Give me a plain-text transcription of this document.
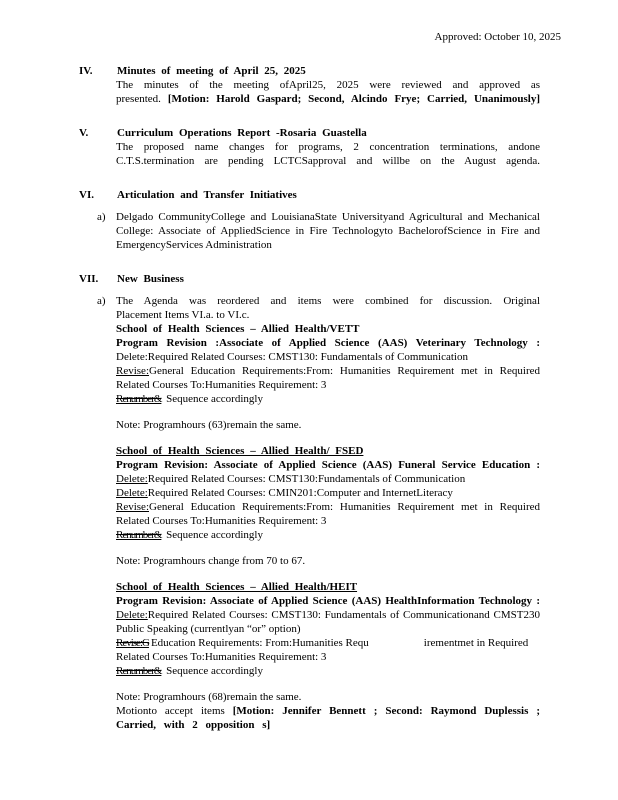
Approved: October 10, 2025
IV.	Minutes of meeting of April 25, 2025
The minutes of the meeting ofApril25, 2025 were reviewed and approved as
presented. [Motion: Harold Gaspard; Second, Alcindo Frye; Carried, Unanimously]
V.	Curriculum Operations Report -Rosaria Guastella
The proposed name changes for programs, 2 concentration terminations, andone
C.T.S.termination are pending LCTCSapproval and willbe on the August agenda.
VI.	Articulation and Transfer Initiatives
a) Delgado CommunityCollege and LouisianaState Universityand Agricultural and Mechanical
College: Associate of AppliedScience in Fire Technologyto BachelorofScience in Fire and
EmergencyServices Administration
VII.	New Business
a) The Agenda was reordered and items were combined for discussion. Original
Placement Items VI.a. to VI.c.
School of Health Sciences – Allied Health/VETT
Program Revision :Associate of Applied Science (AAS) Veterinary Technology :
Delete:Required Related Courses: CMST130: Fundamentals of Communication
Revise:General Education Requirements:From: Humanities Requirement met in Required
Related Courses To:Humanities Requirement: 3
Renumber& Sequence accordingly
Note: Programhours (63)remain the same.
School of Health Sciences – Allied Health/ FSED
Program Revision: Associate of Applied Science (AAS) Funeral Service Education :
Delete:Required Related Courses: CMST130:Fundamentals of Communication
Delete:Required Related Courses: CMIN201:Computer and InternetLiteracy
Revise:General Education Requirements:From: Humanities Requirement met in Required
Related Courses To:Humanities Requirement: 3
Renumber& Sequence accordingly
Note: Programhours change from 70 to 67.
School of Health Sciences – Allied Health/HEIT
Program Revision: Associate of Applied Science (AAS) HealthInformation Technology :
Delete:Required Related Courses: CMST130: Fundamentals of Communicationand CMST230
Public Speaking (currentlyan “or” option)
Revise:G Education Requirements: From:Humanities Requ	irementmet in Required
Related Courses To:Humanities Requirement: 3
Renumber& Sequence accordingly
Note: Programhours (68)remain the same.
Motionto accept items [Motion: Jennifer Bennett ; Second: Raymond Duplessis ;
Carried, with 2 opposition s]
